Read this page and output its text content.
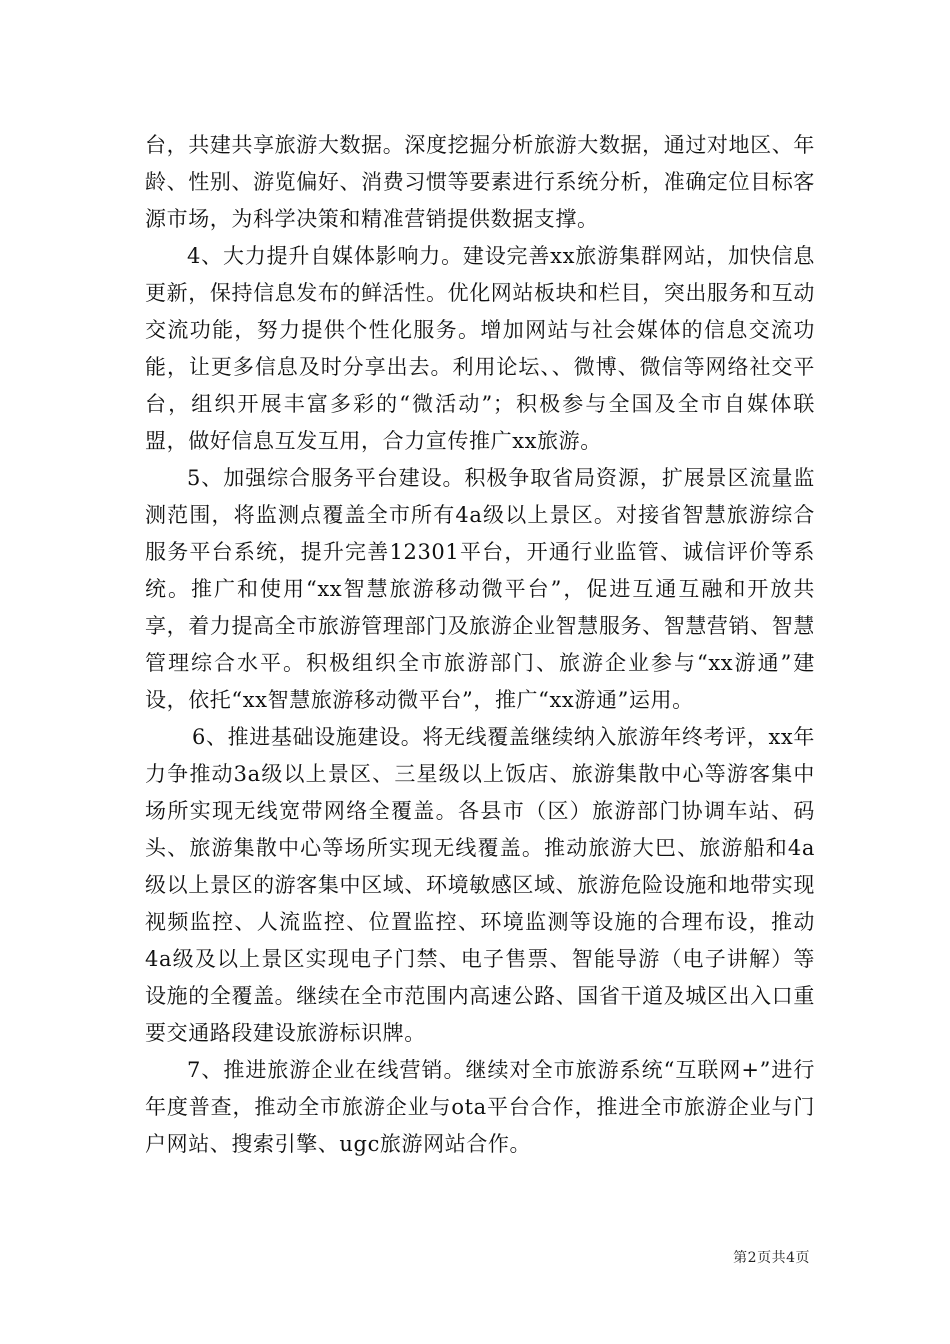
台，共建共享旅游大数据。深度挖掘分析旅游大数据，通过对地区、年龄、性别、游览偏好、消费习惯等要素进行系统分析，准确定位目标客源市场，为科学决策和精准营销提供数据支撑。

4、大力提升自媒体影响力。建设完善xx旅游集群网站，加快信息更新，保持信息发布的鲜活性。优化网站板块和栏目，突出服务和互动交流功能，努力提供个性化服务。增加网站与社会媒体的信息交流功能，让更多信息及时分享出去。利用论坛、、微博、微信等网络社交平台，组织开展丰富多彩的“微活动”；积极参与全国及全市自媒体联盟，做好信息互发互用，合力宣传推广xx旅游。

5、加强综合服务平台建设。积极争取省局资源，扩展景区流量监测范围，将监测点覆盖全市所有4a级以上景区。对接省智慧旅游综合服务平台系统，提升完善12301平台，开通行业监管、诚信评价等系统。推广和使用“xx智慧旅游移动微平台”，促进互通互融和开放共享，着力提高全市旅游管理部门及旅游企业智慧服务、智慧营销、智慧管理综合水平。积极组织全市旅游部门、旅游企业参与“xx游通”建设，依托“xx智慧旅游移动微平台”，推广“xx游通”运用。

6、推进基础设施建设。将无线覆盖继续纳入旅游年终考评，xx年力争推动3a级以上景区、三星级以上饭店、旅游集散中心等游客集中场所实现无线宽带网络全覆盖。各县市（区）旅游部门协调车站、码头、旅游集散中心等场所实现无线覆盖。推动旅游大巴、旅游船和4a级以上景区的游客集中区域、环境敏感区域、旅游危险设施和地带实现视频监控、人流监控、位置监控、环境监测等设施的合理布设，推动4a级及以上景区实现电子门禁、电子售票、智能导游（电子讲解）等设施的全覆盖。继续在全市范围内高速公路、国省干道及城区出入口重要交通路段建设旅游标识牌。

7、推进旅游企业在线营销。继续对全市旅游系统“互联网+”进行年度普查，推动全市旅游企业与ota平台合作，推进全市旅游企业与门户网站、搜索引擎、ugc旅游网站合作。

第2页共4页
